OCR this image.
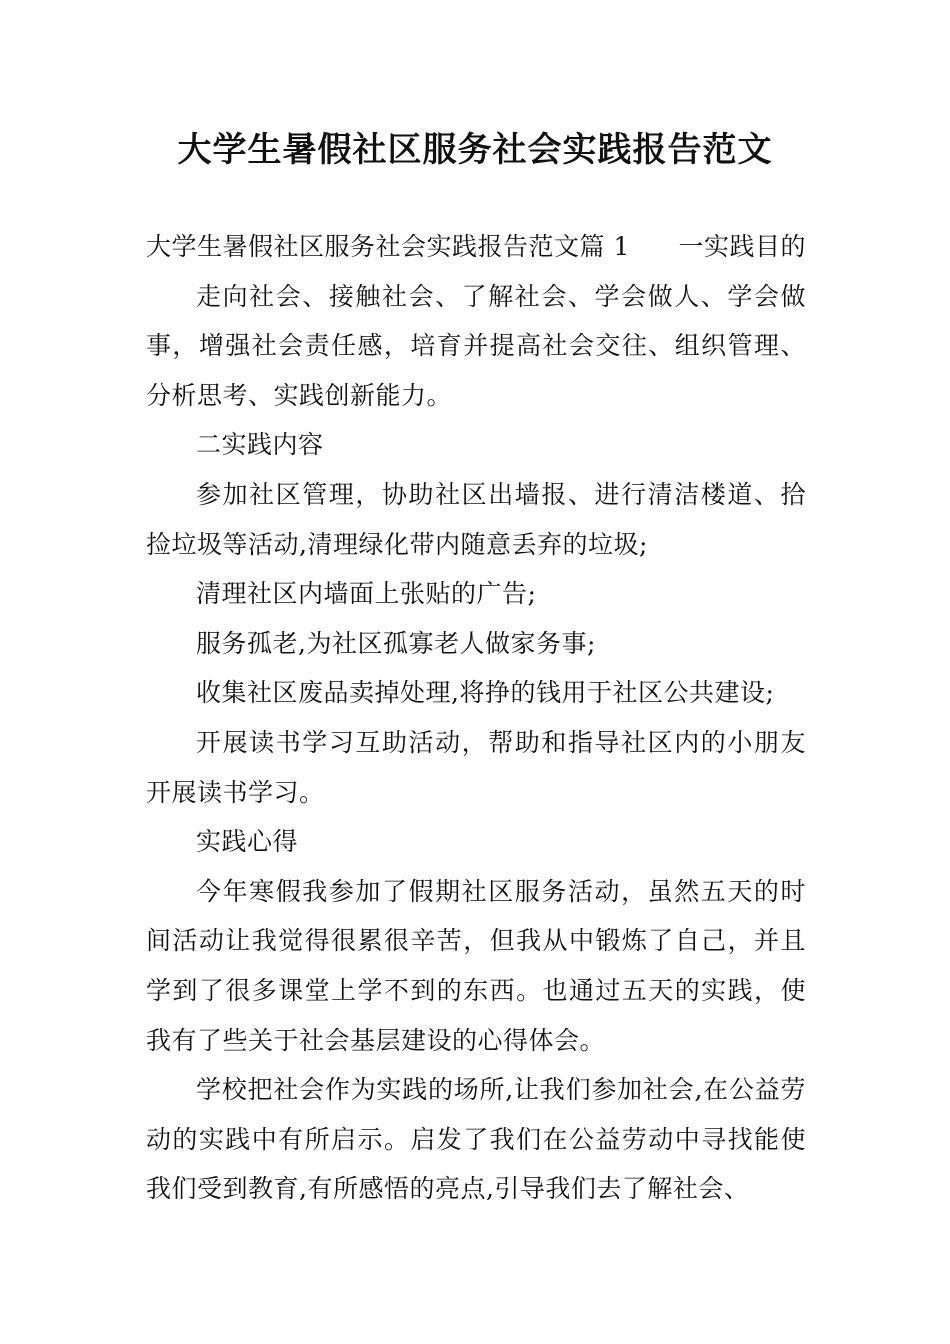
大学生暑假社区服务社会实践报告范文

大学生暑假社区服务社会实践报告范文篇 1 一实践目的

走向社会、接触社会、了解社会、学会做人、学会做事，增强社会责任感，培育并提高社会交往、组织管理、分析思考、实践创新能力。

二实践内容

参加社区管理，协助社区出墙报、进行清洁楼道、拾捡垃圾等活动,清理绿化带内随意丢弃的垃圾;

清理社区内墙面上张贴的广告;

服务孤老,为社区孤寡老人做家务事;

收集社区废品卖掉处理,将挣的钱用于社区公共建设;

开展读书学习互助活动，帮助和指导社区内的小朋友开展读书学习。

实践心得

今年寒假我参加了假期社区服务活动，虽然五天的时间活动让我觉得很累很辛苦，但我从中锻炼了自己，并且学到了很多课堂上学不到的东西。也通过五天的实践，使我有了些关于社会基层建设的心得体会。

学校把社会作为实践的场所,让我们参加社会,在公益劳动的实践中有所启示。启发了我们在公益劳动中寻找能使我们受到教育,有所感悟的亮点,引导我们去了解社会、
